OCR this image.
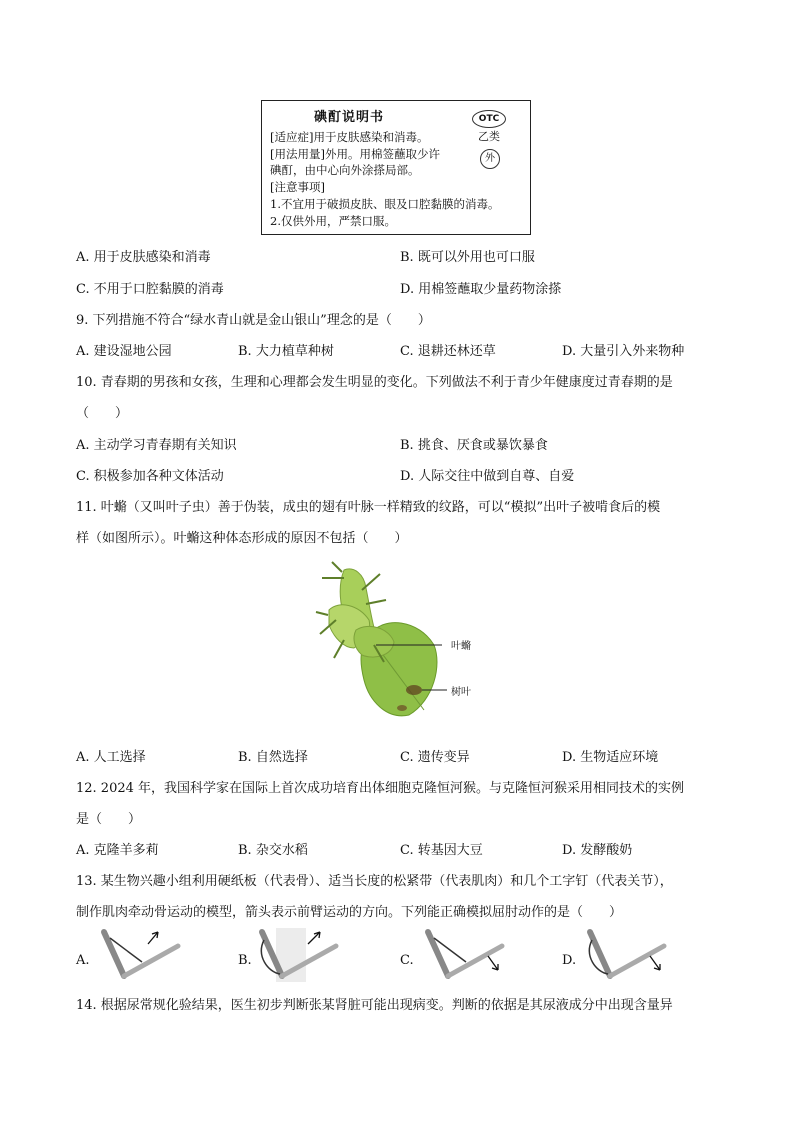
碘酊说明书	OTC
乙类
外
[适应症]用于皮肤感染和消毒。
[用法用量]外用。用棉签蘸取少许
碘酊，由中心向外涂搽局部。
[注意事项]
1.不宜用于破损皮肤、眼及口腔黏膜的消毒。
2.仅供外用，严禁口服。
A. 用于皮肤感染和消毒	B. 既可以外用也可口服
C. 不用于口腔黏膜的消毒	D. 用棉签蘸取少量药物涂搽
9. 下列措施不符合“绿水青山就是金山银山”理念的是（　　）
A. 建设湿地公园	B. 大力植草种树	C. 退耕还林还草	D. 大量引入外来物种
10. 青春期的男孩和女孩，生理和心理都会发生明显的变化。下列做法不利于青少年健康度过青春期的是
（　　）
A. 主动学习青春期有关知识	B. 挑食、厌食或暴饮暴食
C. 积极参加各种文体活动	D. 人际交往中做到自尊、自爱
11. 叶䗛（又叫叶子虫）善于伪装，成虫的翅有叶脉一样精致的纹路，可以“模拟”出叶子被啃食后的模
样（如图所示）。叶䗛这种体态形成的原因不包括（　　）
叶䗛
树叶
A. 人工选择	B. 自然选择	C. 遗传变异	D. 生物适应环境
12. 2024 年，我国科学家在国际上首次成功培育出体细胞克隆恒河猴。与克隆恒河猴采用相同技术的实例
是（　　）
A. 克隆羊多莉	B. 杂交水稻	C. 转基因大豆	D. 发酵酸奶
13. 某生物兴趣小组利用硬纸板（代表骨）、适当长度的松紧带（代表肌肉）和几个工字钉（代表关节），
制作肌肉牵动骨运动的模型，箭头表示前臂运动的方向。下列能正确模拟屈肘动作的是（　　）
A.	B.	C.	D.
14. 根据尿常规化验结果，医生初步判断张某肾脏可能出现病变。判断的依据是其尿液成分中出现含量异
